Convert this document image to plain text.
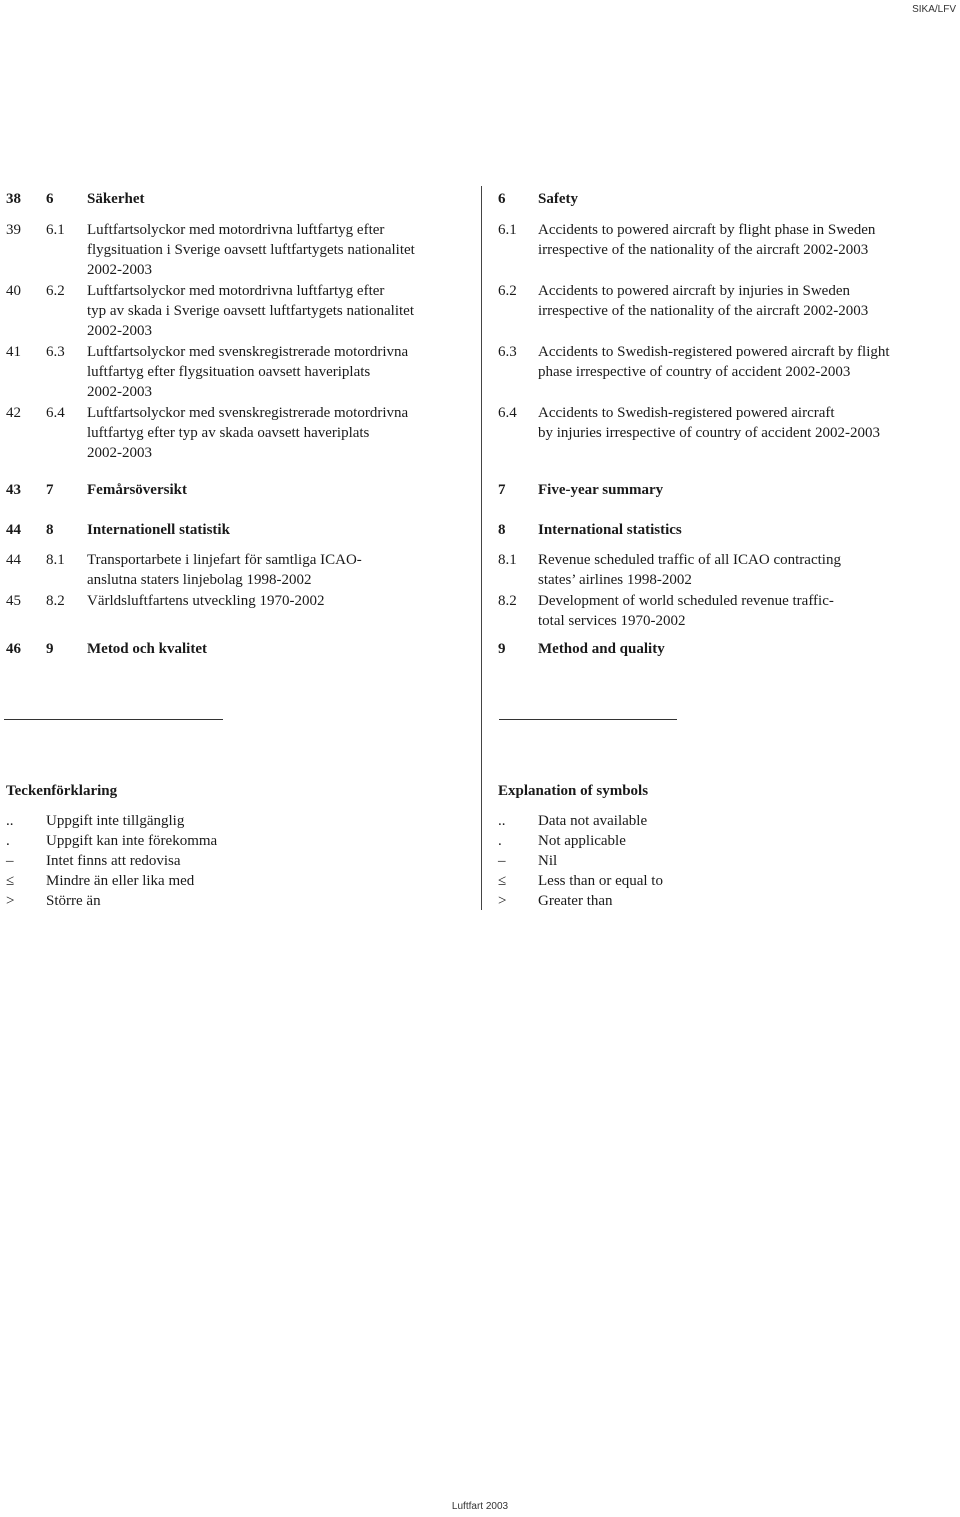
SIKA/LFV
38 6 Säkerhet
39 6.1 Luftfartsolyckor med motordrivna luftfartyg efter
flygsituation i Sverige oavsett luftfartygets nationalitet
2002-2003
40 6.2 Luftfartsolyckor med motordrivna luftfartyg efter
typ av skada i Sverige oavsett luftfartygets nationalitet
2002-2003
41 6.3 Luftfartsolyckor med svenskregistrerade motordrivna
luftfartyg efter flygsituation oavsett haveriplats
2002-2003
42 6.4 Luftfartsolyckor med svenskregistrerade motordrivna
luftfartyg efter typ av skada oavsett haveriplats
2002-2003
43 7 Femårsöversikt
44 8 Internationell statistik
44 8.1 Transportarbete i linjefart för samtliga ICAO-
anslutna staters linjebolag 1998-2002
45 8.2 Världsluftfartens utveckling 1970-2002
46 9 Metod och kvalitet
Teckenförklaring
.. Uppgift inte tillgänglig
. Uppgift kan inte förekomma
– Intet finns att redovisa
≤ Mindre än eller lika med
> Större än
6 Safety
6.1 Accidents to powered aircraft by flight phase in Sweden
irrespective of the nationality of the aircraft 2002-2003
6.2 Accidents to powered aircraft by injuries in Sweden
irrespective of the nationality of the aircraft 2002-2003
6.3 Accidents to Swedish-registered powered aircraft by flight
phase irrespective of country of accident 2002-2003
6.4 Accidents to Swedish-registered powered aircraft
by injuries irrespective of country of accident 2002-2003
7 Five-year summary
8 International statistics
8.1 Revenue scheduled traffic of all ICAO contracting
states’ airlines 1998-2002
8.2 Development of world scheduled revenue traffic-
total services 1970-2002
9 Method and quality
Explanation of symbols
.. Data not available
. Not applicable
– Nil
≤ Less than or equal to
> Greater than
Luftfart 2003
